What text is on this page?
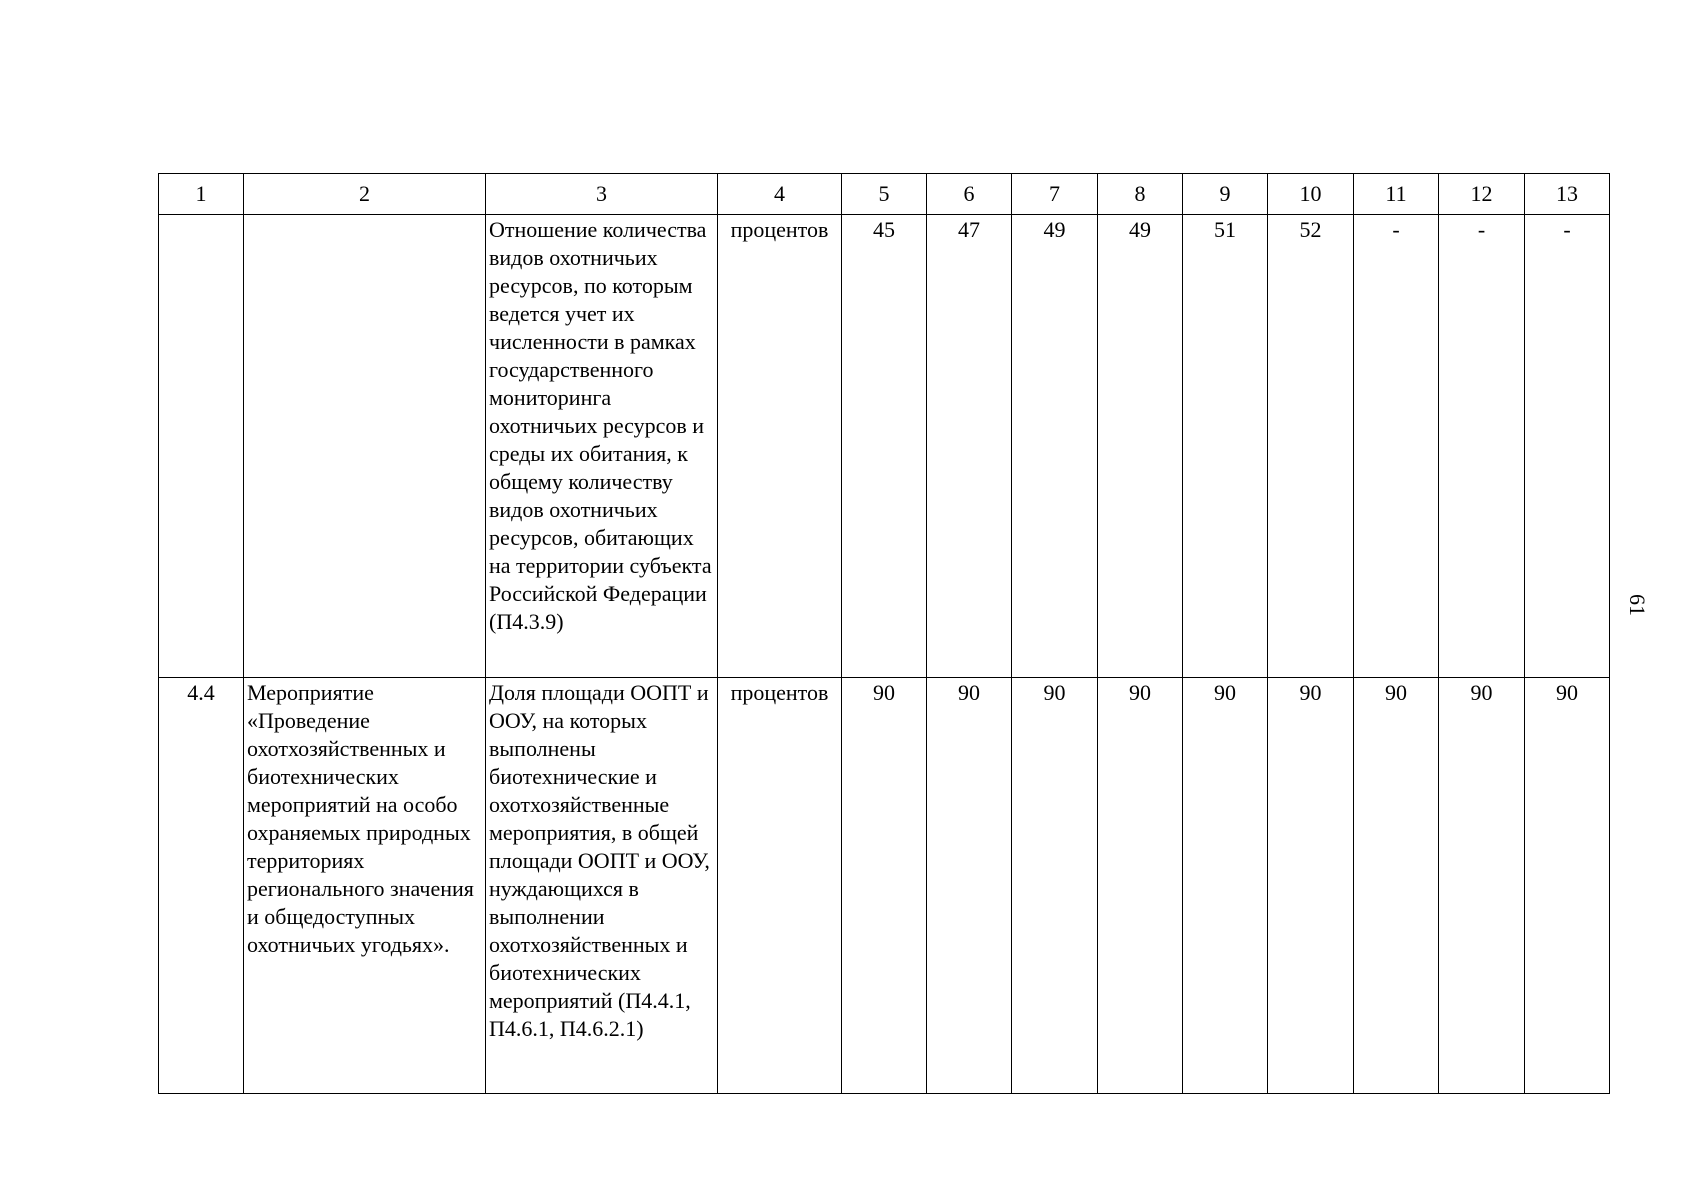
1	2	3	4	5	6	7	8	9	10	11	12	13
		Отношение количества видов охотничьих ресурсов, по которым ведется учет их численности в рамках государственного мониторинга охотничьих ресурсов и среды их обитания, к общему количеству видов охотничьих ресурсов, обитающих на территории субъекта Российской Федерации (П4.3.9)	процентов	45	47	49	49	51	52	-	-	-
4.4	Мероприятие «Проведение охотхозяйственных и биотехнических мероприятий на особо охраняемых природных территориях регионального значения и общедоступных охотничьих угодьях».	Доля площади ООПТ и ООУ, на которых выполнены биотехнические и охотхозяйственные мероприятия, в общей площади ООПТ и ООУ, нуждающихся в выполнении охотхозяйственных и биотехнических мероприятий (П4.4.1, П4.6.1, П4.6.2.1)	процентов	90	90	90	90	90	90	90	90	90
61
